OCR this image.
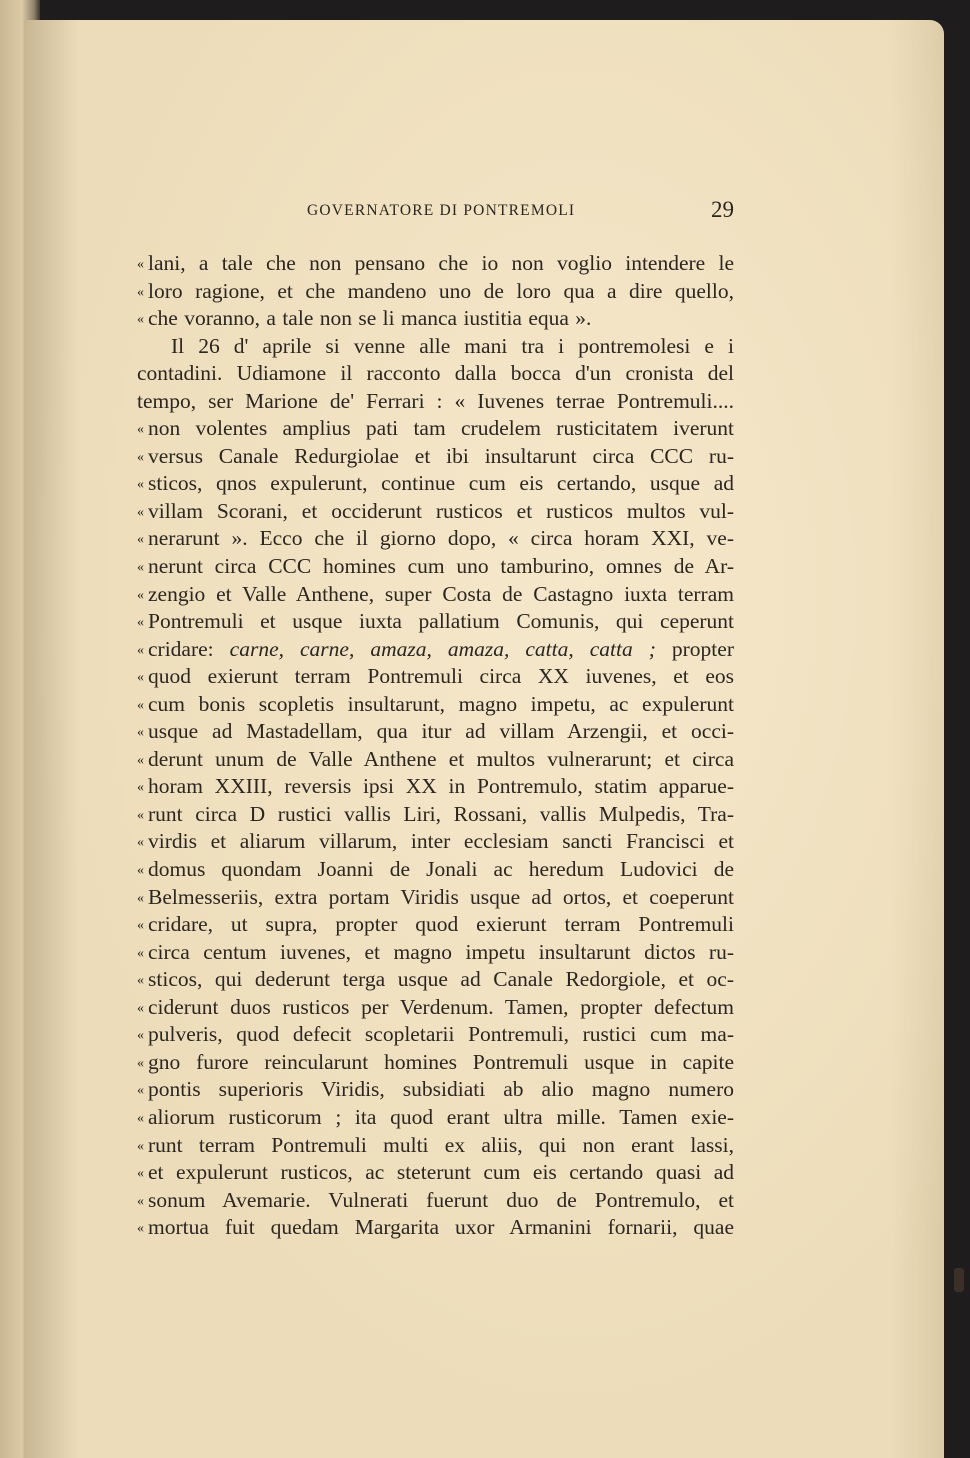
GOVERNATORE DI PONTREMOLI	29
« lani, a tale che non pensano che io non voglio intendere le
« loro ragione, et che mandeno uno de loro qua a dire quello,
« che voranno, a tale non se li manca iustitia equa ».
Il 26 d' aprile si venne alle mani tra i pontremolesi e i
contadini. Udiamone il racconto dalla bocca d'un cronista del
tempo, ser Marione de' Ferrari : « Iuvenes terrae Pontremuli....
« non volentes amplius pati tam crudelem rusticitatem iverunt
« versus Canale Redurgiolae et ibi insultarunt circa CCC ru-
« sticos, qnos expulerunt, continue cum eis certando, usque ad
« villam Scorani, et occiderunt rusticos et rusticos multos vul-
« nerarunt ». Ecco che il giorno dopo, « circa horam XXI, ve-
« nerunt circa CCC homines cum uno tamburino, omnes de Ar-
« zengio et Valle Anthene, super Costa de Castagno iuxta terram
« Pontremuli et usque iuxta pallatium Comunis, qui ceperunt
« cridare: carne, carne, amaza, amaza, catta, catta ; propter
« quod exierunt terram Pontremuli circa XX iuvenes, et eos
« cum bonis scopletis insultarunt, magno impetu, ac expulerunt
« usque ad Mastadellam, qua itur ad villam Arzengii, et occi-
« derunt unum de Valle Anthene et multos vulnerarunt; et circa
« horam XXIII, reversis ipsi XX in Pontremulo, statim apparue-
« runt circa D rustici vallis Liri, Rossani, vallis Mulpedis, Tra-
« virdis et aliarum villarum, inter ecclesiam sancti Francisci et
« domus quondam Joanni de Jonali ac heredum Ludovici de
« Belmesseriis, extra portam Viridis usque ad ortos, et coeperunt
« cridare, ut supra, propter quod exierunt terram Pontremuli
« circa centum iuvenes, et magno impetu insultarunt dictos ru-
« sticos, qui dederunt terga usque ad Canale Redorgiole, et oc-
« ciderunt duos rusticos per Verdenum. Tamen, propter defectum
« pulveris, quod defecit scopletarii Pontremuli, rustici cum ma-
« gno furore reincularunt homines Pontremuli usque in capite
« pontis superioris Viridis, subsidiati ab alio magno numero
« aliorum rusticorum ; ita quod erant ultra mille. Tamen exie-
« runt terram Pontremuli multi ex aliis, qui non erant lassi,
« et expulerunt rusticos, ac steterunt cum eis certando quasi ad
« sonum Avemarie. Vulnerati fuerunt duo de Pontremulo, et
« mortua fuit quedam Margarita uxor Armanini fornarii, quae
